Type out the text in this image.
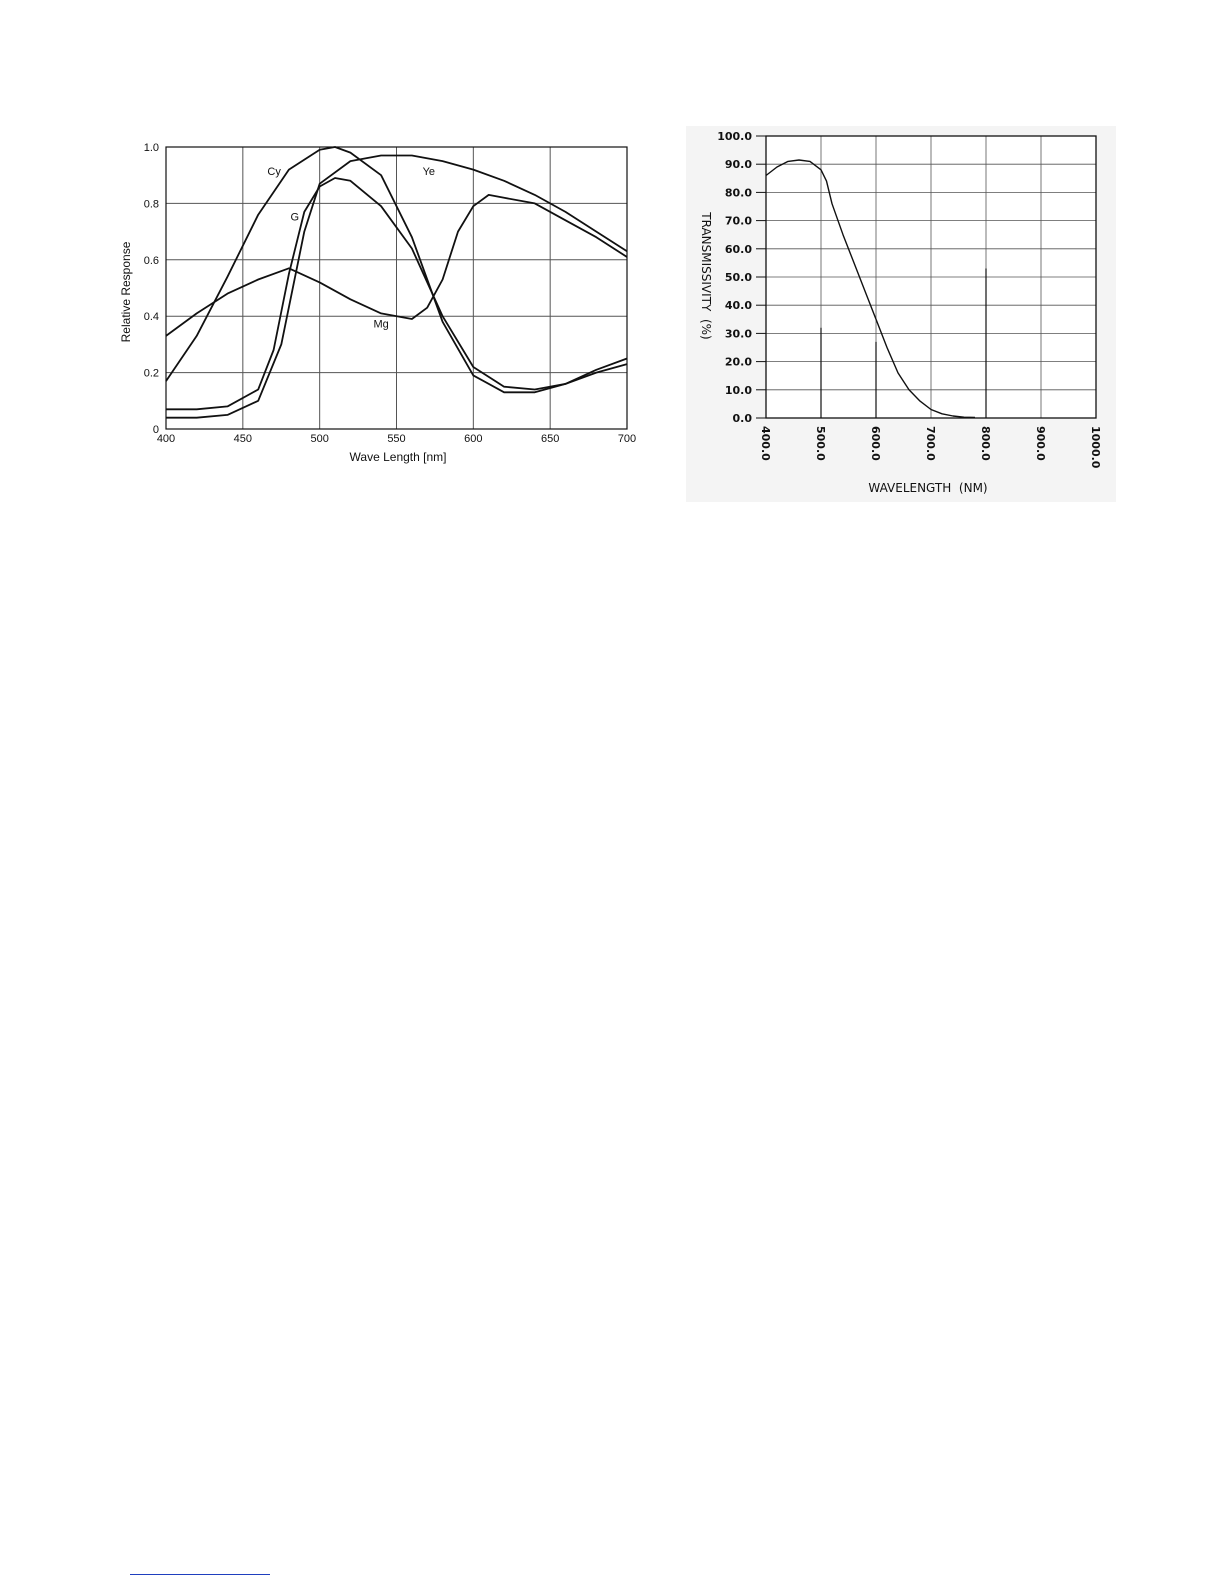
400	450	500	550	600	650	700
0
0.2
0.4
0.6
0.8
1.0
Cy	Ye
G
Mg
Wave Length [nm]
Relative Response
400.0	500.0	600.0	700.0	800.0	900.0	1000.0
0.0
10.0
20.0
30.0
40.0
50.0
60.0
70.0
80.0
90.0
100.0
WAVELENGTH  (NM)
TRANSMISSIVITY  (%)
